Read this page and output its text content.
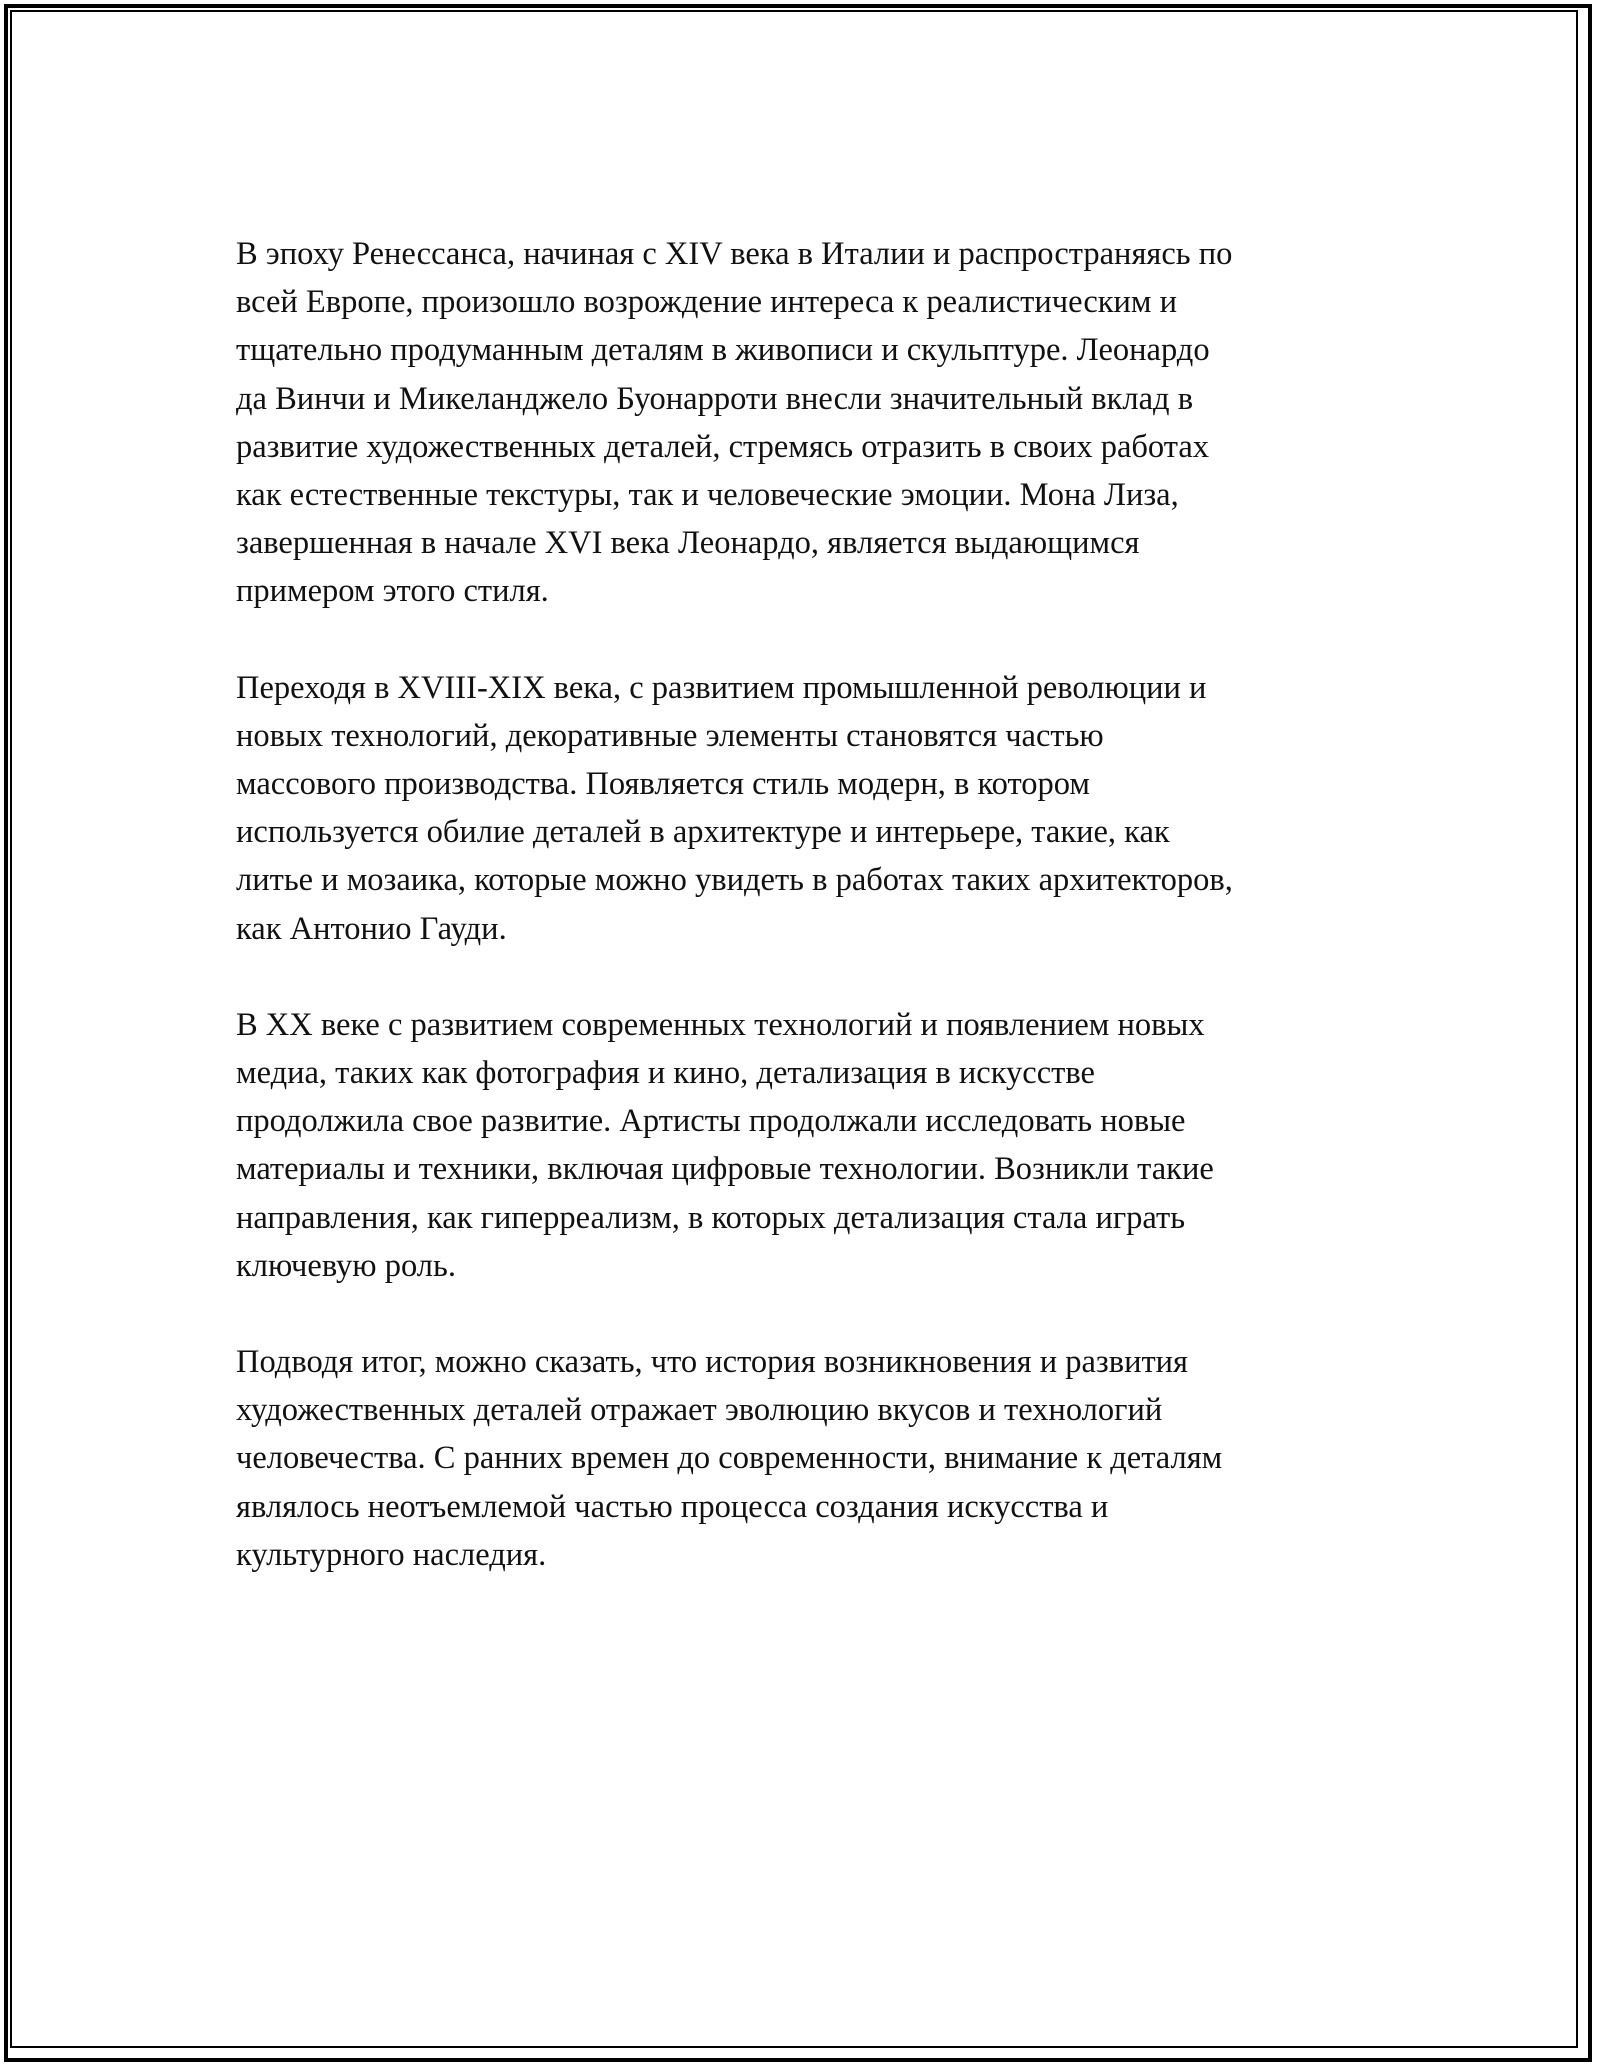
В эпоху Ренессанса, начиная с XIV века в Италии и распространяясь по
всей Европе, произошло возрождение интереса к реалистическим и
тщательно продуманным деталям в живописи и скульптуре. Леонардо
да Винчи и Микеланджело Буонарроти внесли значительный вклад в
развитие художественных деталей, стремясь отразить в своих работах
как естественные текстуры, так и человеческие эмоции. Мона Лиза,
завершенная в начале XVI века Леонардо, является выдающимся
примером этого стиля.

Переходя в XVIII-XIX века, с развитием промышленной революции и
новых технологий, декоративные элементы становятся частью
массового производства. Появляется стиль модерн, в котором
используется обилие деталей в архитектуре и интерьере, такие, как
литье и мозаика, которые можно увидеть в работах таких архитекторов,
как Антонио Гауди.

В XX веке с развитием современных технологий и появлением новых
медиа, таких как фотография и кино, детализация в искусстве
продолжила свое развитие. Артисты продолжали исследовать новые
материалы и техники, включая цифровые технологии. Возникли такие
направления, как гиперреализм, в которых детализация стала играть
ключевую роль.

Подводя итог, можно сказать, что история возникновения и развития
художественных деталей отражает эволюцию вкусов и технологий
человечества. С ранних времен до современности, внимание к деталям
являлось неотъемлемой частью процесса создания искусства и
культурного наследия.
